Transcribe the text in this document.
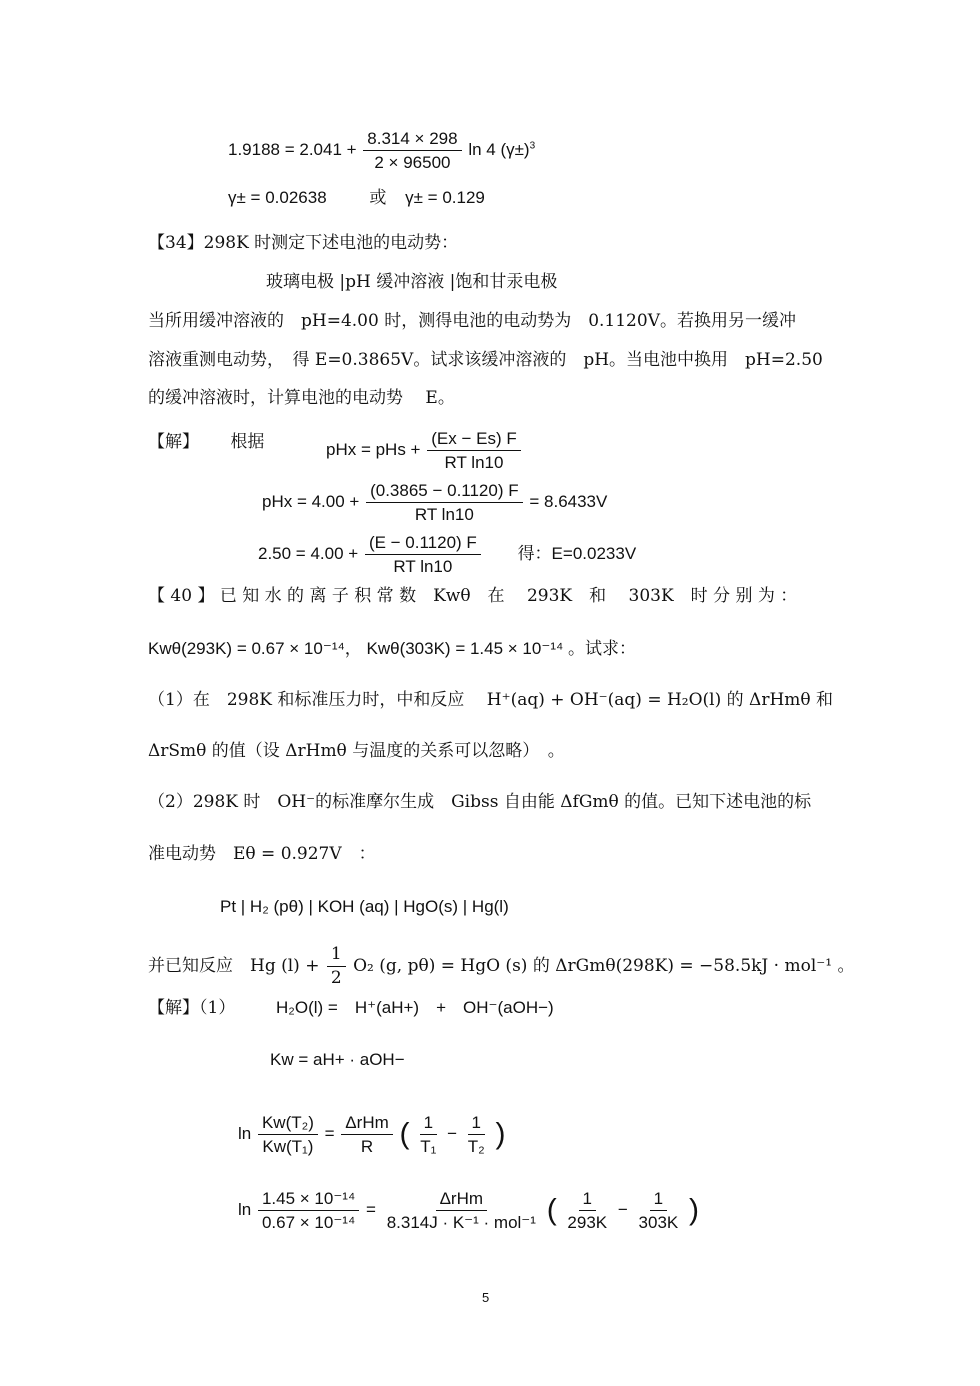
$1.9188 = 2.041 + \frac{8.314 \times 298}{2 \times 96500}$ ln 4 $(\gamma\pm)^3$
γ± = 0.02638	或 γ± = 0.129
【34】298K 时测定下述电池的电动势：
玻璃电极 |pH 缓冲溶液 |饱和甘汞电极
当所用缓冲溶液的　pH=4.00 时，测得电池的电动势为　0.1120V。若换用另一缓冲
溶液重测电动势，　得 E=0.3865V。试求该缓冲溶液的　pH。当电池中换用　pH=2.50
的缓冲溶液时，计算电池的电动势　 E。
【解】 根据	pHx = pHs + $\frac{(Ex - Es) F}{\text{RT ln10}}$
pHx = $4.00 + \frac{(0.3865 - 0.1120) F}{\text{RT ln10}} = 8.6433V$
$2.50 = 4.00 + \frac{(E - 0.1120) F}{\text{RT ln10}}$ 得：E=0.0233V
【 40 】 已 知 水 的 离 子 积 常 数　Kwθ　在　 293K　和　 303K　时 分 别 为 ：
Kwθ(293K) = 0.67 × 10⁻¹⁴， Kwθ(303K) = 1.45 × 10⁻¹⁴ 。试求：
（1）在　298K 和标准压力时，中和反应　 H⁺(aq) + OH⁻(aq) = H₂O(l) 的 ΔrHmθ 和
ΔrSmθ 的值（设 ΔrHmθ 与温度的关系可以忽略）　。
（2）298K 时　OH⁻的标准摩尔生成　Gibss 自由能 ΔfGmθ 的值。已知下述电池的标
准电动势　Eθ = 0.927V　：
Pt | H₂ (pθ) | KOH (aq) | HgO(s) | Hg(l)
并已知反应　Hg $(l) + \frac{1}{2} O_2$ (g, pθ) = HgO (s) 的 ΔrGmθ(298K) = −58.5kJ · mol⁻¹ 。
【解】（1） H₂O(l) =　H⁺(aH+)　+　OH⁻(aOH−)
Kw = aH+ · aOH−
$\ln \frac{\text{Kw(T₂)}}{\text{Kw(T₁)}} = \frac{\text{ΔrHm}}{R}$ ( $\frac{1}{\text{T₁}} - \frac{1}{\text{T₂}}$ )
$\ln \frac{\text{1.45 × 10⁻¹⁴}}{\text{0.67 × 10⁻¹⁴}} = \frac{\text{ΔrHm}}{\text{8.314J · K⁻¹ · mol⁻¹}}$ ( $\frac{1}{293K} - \frac{1}{303K}$ )
5
